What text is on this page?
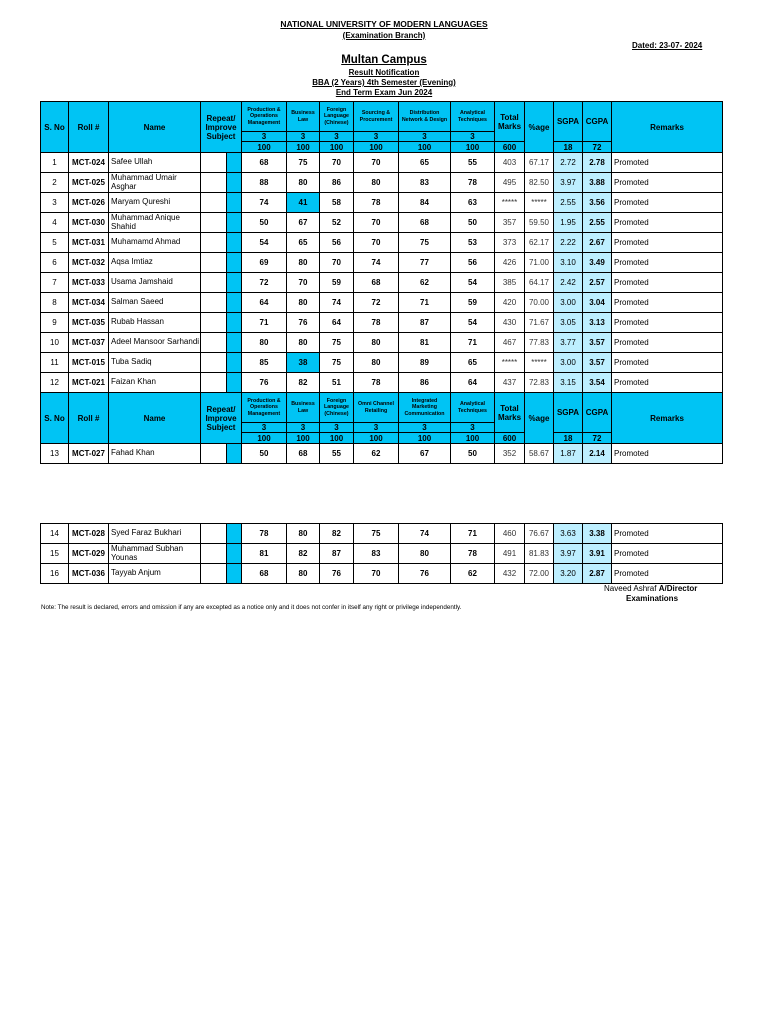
NATIONAL UNIVERSITY OF MODERN LANGUAGES
(Examination Branch)
Dated: 23-07- 2024
Multan Campus
Result Notification
BBA (2 Years) 4th Semester (Evening)
End Term Exam Jun 2024
S. No	Roll #	Name	Repeat/ Improve Subject		Production & Operations Management	Business Law	Foreign Language (Chinese)	Sourcing & Procurement	Distribution Network & Design	Analytical Techniques	Total Marks	%age	SGPA	CGPA	Remarks
					3	3	3	3	3	3					
					100	100	100	100	100	100	600		18	72	
1	MCT-024	Safee Ullah			68	75	70	70	65	55	403	67.17	2.72	2.78	Promoted
2	MCT-025	Muhammad Umair Asghar			88	80	86	80	83	78	495	82.50	3.97	3.88	Promoted
3	MCT-026	Maryam Qureshi			74	41	58	78	84	63	*****	*****	2.55	3.56	Promoted
4	MCT-030	Muhammad Anique Shahid			50	67	52	70	68	50	357	59.50	1.95	2.55	Promoted
5	MCT-031	Muhamamd Ahmad			54	65	56	70	75	53	373	62.17	2.22	2.67	Promoted
6	MCT-032	Aqsa Imtiaz			69	80	70	74	77	56	426	71.00	3.10	3.49	Promoted
7	MCT-033	Usama Jamshaid			72	70	59	68	62	54	385	64.17	2.42	2.57	Promoted
8	MCT-034	Salman Saeed			64	80	74	72	71	59	420	70.00	3.00	3.04	Promoted
9	MCT-035	Rubab Hassan			71	76	64	78	87	54	430	71.67	3.05	3.13	Promoted
10	MCT-037	Adeel Mansoor Sarhandi			80	80	75	80	81	71	467	77.83	3.77	3.57	Promoted
11	MCT-015	Tuba Sadiq			85	38	75	80	89	65	*****	*****	3.00	3.57	Promoted
12	MCT-021	Faizan Khan			76	82	51	78	86	64	437	72.83	3.15	3.54	Promoted
S. No	Roll #	Name	Repeat/ Improve Subject		Production & Operations Management	Business Law	Foreign Language (Chinese)	Omni Channel Retailing	Integrated Marketing Communication	Analytical Techniques	Total Marks	%age	SGPA	CGPA	Remarks
					3	3	3	3	3	3					
					100	100	100	100	100	100	600		18	72	
13	MCT-027	Fahad Khan			50	68	55	62	67	50	352	58.67	1.87	2.14	Promoted
14	MCT-028	Syed Faraz Bukhari			78	80	82	75	74	71	460	76.67	3.63	3.38	Promoted
15	MCT-029	Muhammad Subhan Younas			81	82	87	83	80	78	491	81.83	3.97	3.91	Promoted
16	MCT-036	Tayyab Anjum			68	80	76	70	76	62	432	72.00	3.20	2.87	Promoted
Naveed Ashraf A/Director
Examinations
Note: The result is declared, errors and omission if any are excepted as a notice only and it does not confer in itself any right or privilege independently.
